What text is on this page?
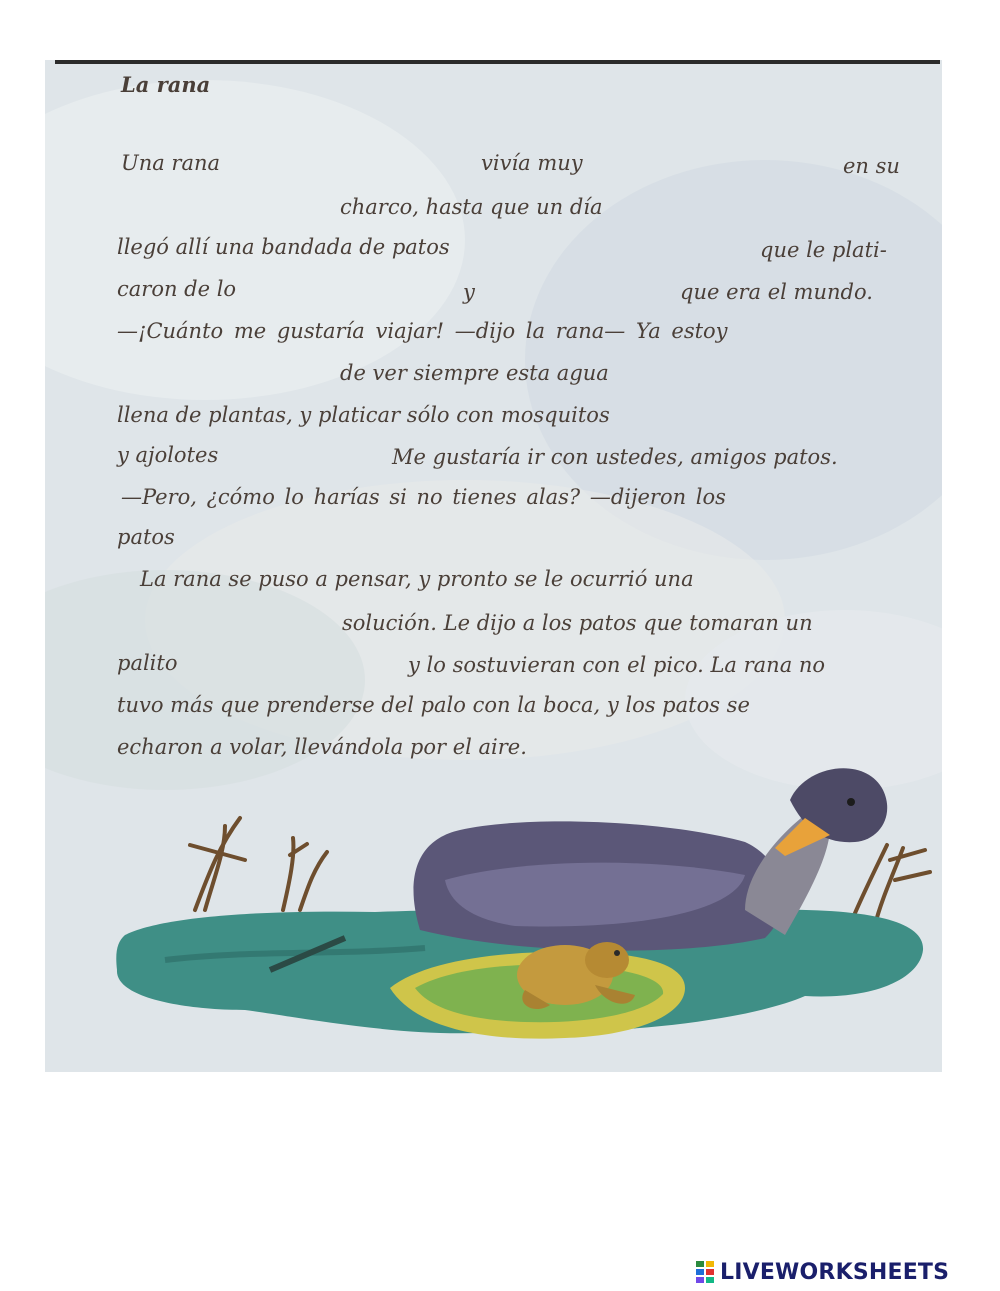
La rana

Una rana	vivía muy	en su

charco, hasta que un día

llegó allí una bandada de patos	que le plati-

caron de lo	y	que era el mundo.

—¡Cuánto me gustaría viajar! —dijo la rana— Ya estoy

de ver siempre esta agua

llena de plantas, y platicar sólo con mosquitos

y ajolotes	Me gustaría ir con ustedes, amigos patos.

—Pero, ¿cómo lo harías si no tienes alas? —dijeron los

patos

La rana se puso a pensar, y pronto se le ocurrió una

solución. Le dijo a los patos que tomaran un

palito	y lo sostuvieran con el pico. La rana no

tuvo más que prenderse del palo con la boca, y los patos se

echaron a volar, llevándola por el aire.

LIVEWORKSHEETS
